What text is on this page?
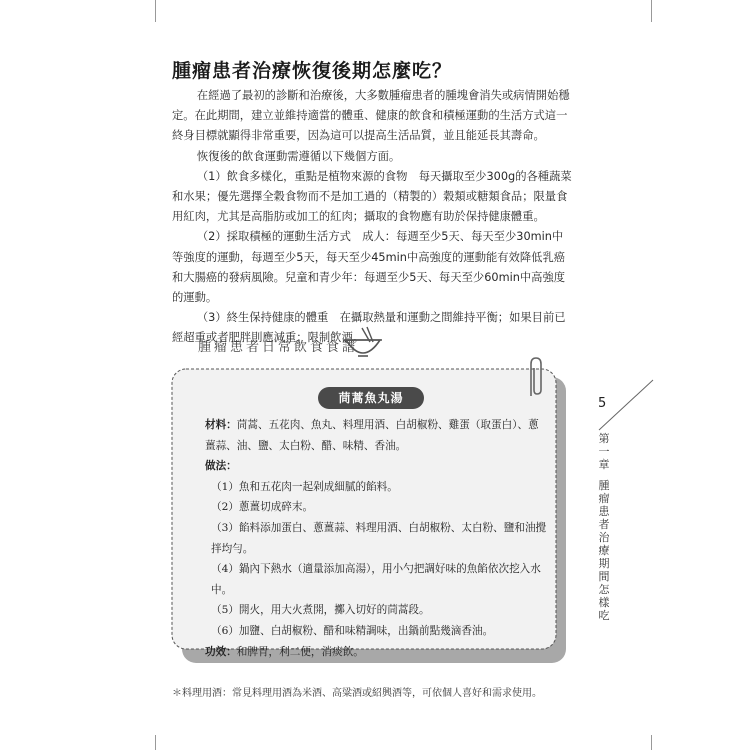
腫瘤患者治療恢復後期怎麼吃？

在經過了最初的診斷和治療後，大多數腫瘤患者的腫塊會消失或病情開始穩定。在此期間，建立並維持適當的體重、健康的飲食和積極運動的生活方式這一終身目標就顯得非常重要，因為這可以提高生活品質，並且能延長其壽命。

恢復後的飲食運動需遵循以下幾個方面。

（1）飲食多樣化，重點是植物來源的食物　每天攝取至少300g的各種蔬菜和水果；優先選擇全穀食物而不是加工過的（精製的）穀類或糖類食品；限量食用紅肉，尤其是高脂肪或加工的紅肉；攝取的食物應有助於保持健康體重。

（2）採取積極的運動生活方式　成人：每週至少5天、每天至少30min中等強度的運動，每週至少5天，每天至少45min中高強度的運動能有效降低乳癌和大腸癌的發病風險。兒童和青少年：每週至少5天、每天至少60min中高強度的運動。

（3）終生保持健康的體重　在攝取熱量和運動之間維持平衡；如果目前已經超重或者肥胖則應減重；限制飲酒。

腫瘤患者日常飲食食譜
茼蒿魚丸湯

材料：茼蒿、五花肉、魚丸、料理用酒、白胡椒粉、雞蛋（取蛋白）、蔥薑蒜、油、鹽、太白粉、醋、味精、香油。

做法：

（1）魚和五花肉一起剁成細膩的餡料。

（2）蔥薑切成碎末。

（3）餡料添加蛋白、蔥薑蒜、料理用酒、白胡椒粉、太白粉、鹽和油攪拌均勻。

（4）鍋內下熱水（適量添加高湯），用小勺把調好味的魚餡依次挖入水中。

（5）開火，用大火煮開，擲入切好的茼蒿段。

（6）加鹽、白胡椒粉、醋和味精調味，出鍋前點幾滴香油。

功效：和脾胃，利二便，消痰飲。

＊料理用酒：常見料理用酒為米酒、高粱酒或紹興酒等，可依個人喜好和需求使用。
5
第一章
腫瘤患者治療期間怎樣吃
